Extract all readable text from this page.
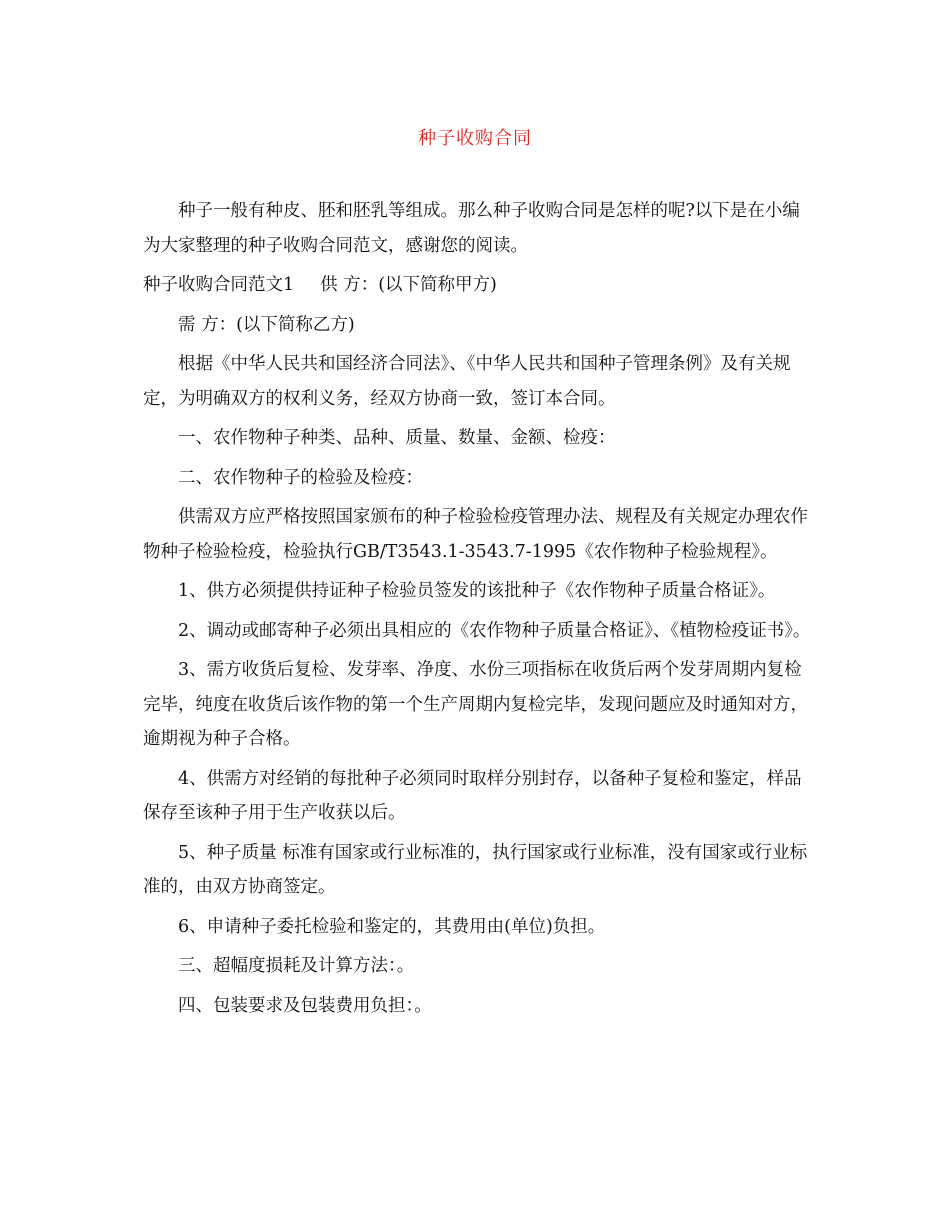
种子收购合同

种子一般有种皮、胚和胚乳等组成。那么种子收购合同是怎样的呢?以下是在小编为大家整理的种子收购合同范文，感谢您的阅读。

种子收购合同范文1 供 方：(以下简称甲方)

需 方：(以下简称乙方)

根据《中华人民共和国经济合同法》、《中华人民共和国种子管理条例》及有关规定，为明确双方的权利义务，经双方协商一致，签订本合同。

一、农作物种子种类、品种、质量、数量、金额、检疫：

二、农作物种子的检验及检疫：

供需双方应严格按照国家颁布的种子检验检疫管理办法、规程及有关规定办理农作物种子检验检疫，检验执行GB/T3543.1-3543.7-1995《农作物种子检验规程》。

1、供方必须提供持证种子检验员签发的该批种子《农作物种子质量合格证》。

2、调动或邮寄种子必须出具相应的《农作物种子质量合格证》、《植物检疫证书》。

3、需方收货后复检、发芽率、净度、水份三项指标在收货后两个发芽周期内复检完毕，纯度在收货后该作物的第一个生产周期内复检完毕，发现问题应及时通知对方，逾期视为种子合格。

4、供需方对经销的每批种子必须同时取样分别封存，以备种子复检和鉴定，样品保存至该种子用于生产收获以后。

5、种子质量 标准有国家或行业标准的，执行国家或行业标准，没有国家或行业标准的，由双方协商签定。

6、申请种子委托检验和鉴定的，其费用由(单位)负担。

三、超幅度损耗及计算方法：。

四、包装要求及包装费用负担：。
